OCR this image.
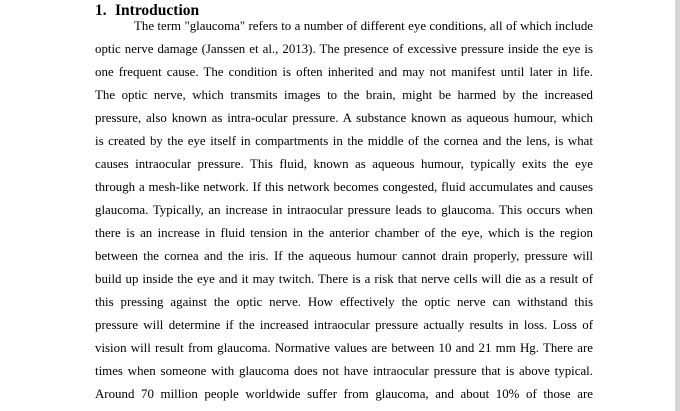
1. Introduction

The term "glaucoma" refers to a number of different eye conditions, all of which include

optic nerve damage (Janssen et al., 2013). The presence of excessive pressure inside the eye is

one frequent cause. The condition is often inherited and may not manifest until later in life.

The optic nerve, which transmits images to the brain, might be harmed by the increased

pressure, also known as intra-ocular pressure. A substance known as aqueous humour, which

is created by the eye itself in compartments in the middle of the cornea and the lens, is what

causes intraocular pressure. This fluid, known as aqueous humour, typically exits the eye

through a mesh-like network. If this network becomes congested, fluid accumulates and causes

glaucoma. Typically, an increase in intraocular pressure leads to glaucoma. This occurs when

there is an increase in fluid tension in the anterior chamber of the eye, which is the region

between the cornea and the iris. If the aqueous humour cannot drain properly, pressure will

build up inside the eye and it may twitch. There is a risk that nerve cells will die as a result of

this pressing against the optic nerve. How effectively the optic nerve can withstand this

pressure will determine if the increased intraocular pressure actually results in loss. Loss of

vision will result from glaucoma. Normative values are between 10 and 21 mm Hg. There are

times when someone with glaucoma does not have intraocular pressure that is above typical.

Around 70 million people worldwide suffer from glaucoma, and about 10% of those are
